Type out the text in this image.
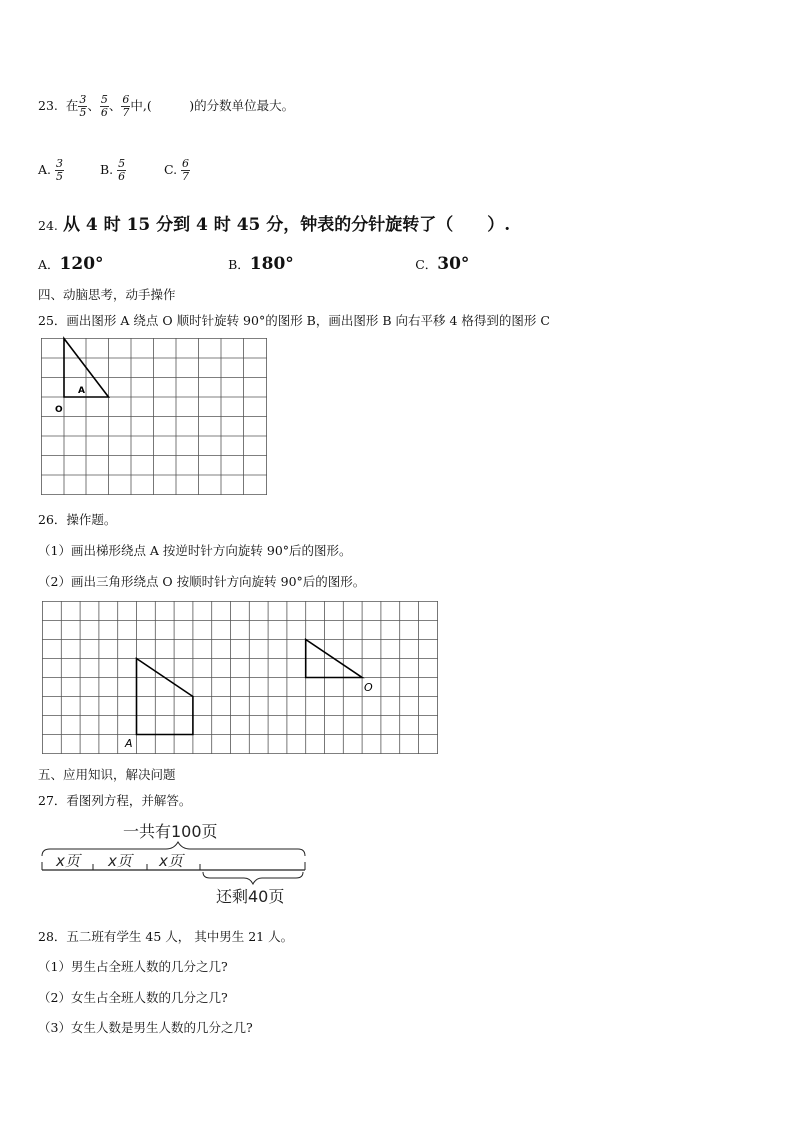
23. 在 $\frac{3}{5}$ 、 $\frac{5}{6}$ 、 $\frac{6}{7}$ 中,(　　　)的分数单位最大。
A. $\frac{3}{5}$	B. $\frac{5}{6}$	C. $\frac{6}{7}$
24. 从 4 时 15 分到 4 时 45 分，钟表的分针旋转了（　　）.
A．120°	B．180°	C．30°
四、动脑思考，动手操作
25．画出图形 A 绕点 O 顺时针旋转 90°的图形 B，画出图形 B 向右平移 4 格得到的图形 C
A
O
26．操作题。
（1）画出梯形绕点 A 按逆时针方向旋转 90°后的图形。
（2）画出三角形绕点 O 按顺时针方向旋转 90°后的图形。
A
O
五、应用知识，解决问题
27．看图列方程，并解答。
一共有100页
x页 x页 x页
还剩40页
28．五二班有学生 45 人， 其中男生 21 人。
（1）男生占全班人数的几分之几?
（2）女生占全班人数的几分之几?
（3）女生人数是男生人数的几分之几?
